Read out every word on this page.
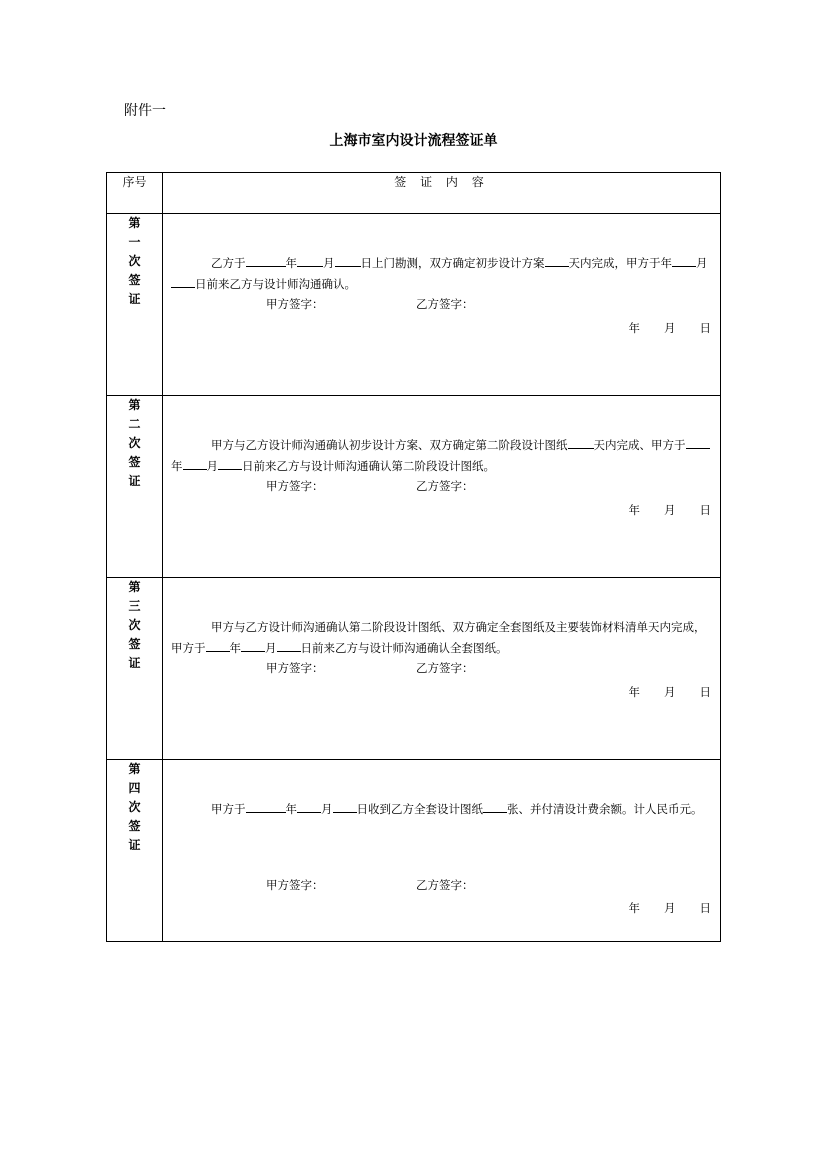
附件一
上海市室内设计流程签证单
序号	签 证 内 容
第一次签证	乙方于 年 月 日上门勘测，双方确定初步设计方案 天内完成，甲方于年 月日前来乙方与设计师沟通确认。
甲方签字： 乙方签字：
年 月 日

第二次签证	甲方与乙方设计师沟通确认初步设计方案、双方确定第二阶段设计图纸 天内完成、甲方于年 月 日前来乙方与设计师沟通确认第二阶段设计图纸。
甲方签字： 乙方签字：
年 月 日

第三次签证	甲方与乙方设计师沟通确认第二阶段设计图纸、双方确定全套图纸及主要装饰材料清单天内完成，甲方于 年 月 日前来乙方与设计师沟通确认全套图纸。
甲方签字： 乙方签字：
年 月 日

第四次签证	甲方于 年 月 日收到乙方全套设计图纸 张、并付清设计费余额。计人民币元。
甲方签字： 乙方签字：
年 月 日
